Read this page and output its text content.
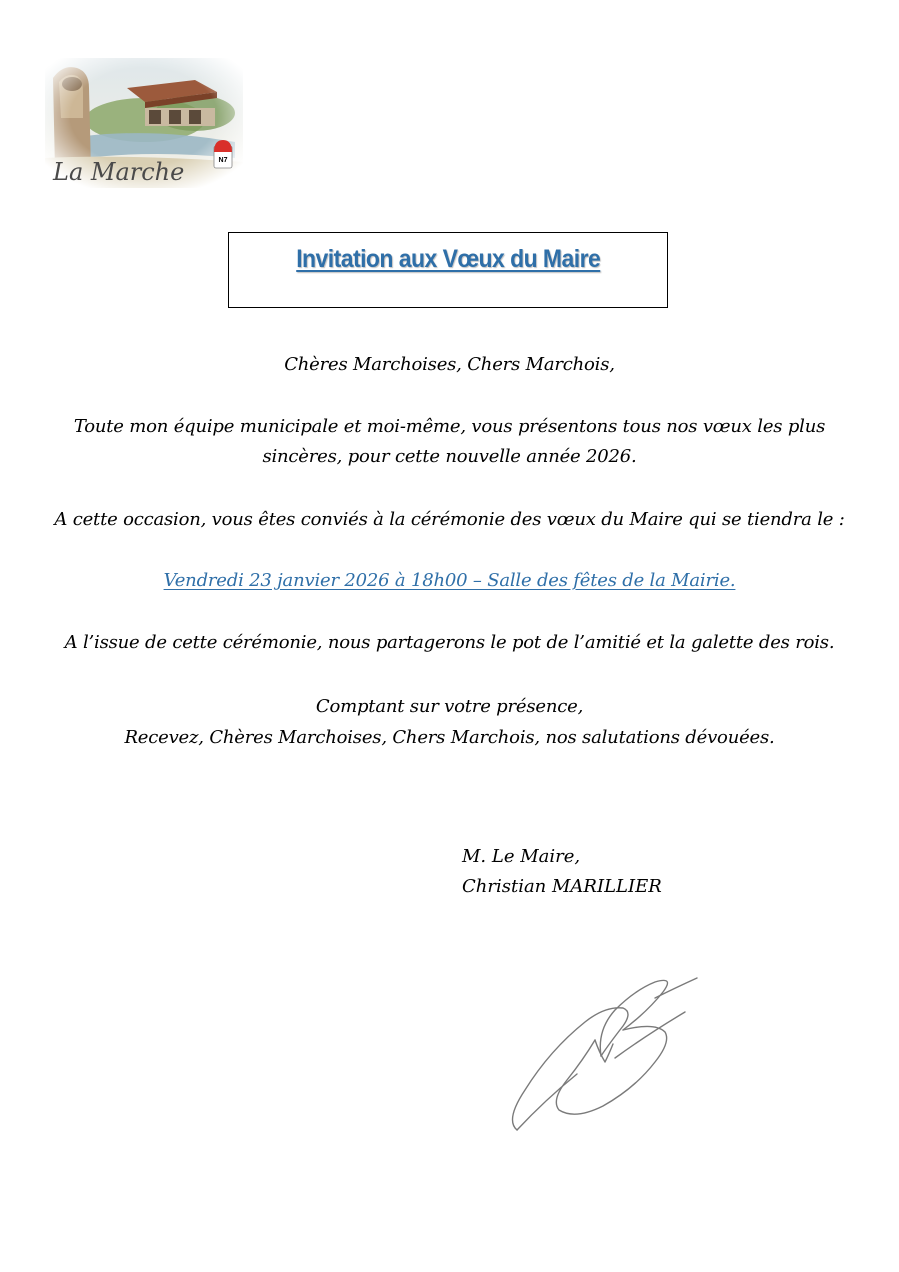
N7
La Marche
Invitation aux Vœux du Maire
Chères Marchoises, Chers Marchois,
Toute mon équipe municipale et moi-même, vous présentons tous nos vœux les plus
sincères, pour cette nouvelle année 2026.
A cette occasion, vous êtes conviés à la cérémonie des vœux du Maire qui se tiendra le :
Vendredi 23 janvier 2026 à 18h00 – Salle des fêtes de la Mairie.
A l’issue de cette cérémonie, nous partagerons le pot de l’amitié et la galette des rois.
Comptant sur votre présence,
Recevez, Chères Marchoises, Chers Marchois, nos salutations dévouées.
M. Le Maire,
Christian MARILLIER
